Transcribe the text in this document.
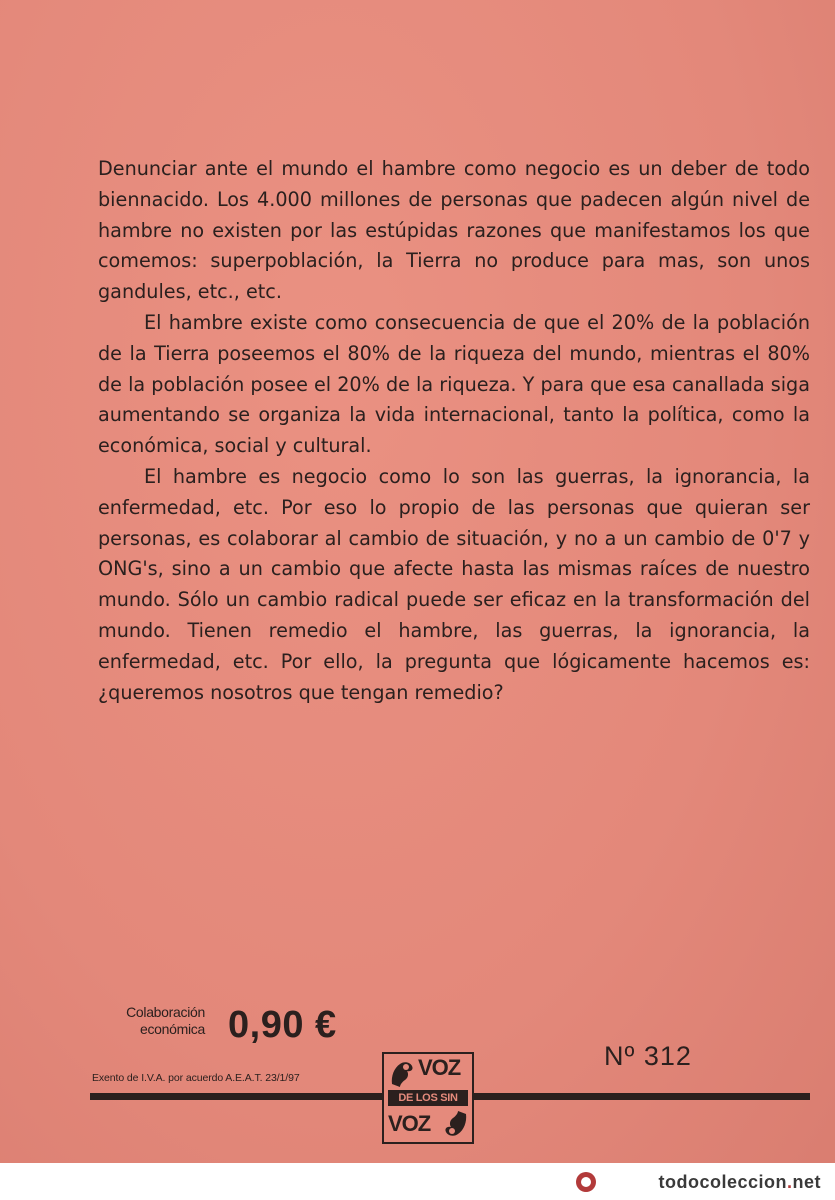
Denunciar ante el mundo el hambre como negocio es un deber de todo biennacido. Los 4.000 millones de personas que padecen algún nivel de hambre no existen por las estúpidas razones que manifestamos los que comemos: superpoblación, la Tierra no produce para mas, son unos gandules, etc., etc.

El hambre existe como consecuencia de que el 20% de la población de la Tierra poseemos el 80% de la riqueza del mundo, mientras el 80% de la población posee el 20% de la riqueza. Y para que esa canallada siga aumentando se organiza la vida internacional, tanto la política, como la económica, social y cultural.

El hambre es negocio como lo son las guerras, la ignorancia, la enfermedad, etc. Por eso lo propio de las personas que quieran ser personas, es colaborar al cambio de situación, y no a un cambio de 0'7 y ONG's, sino a un cambio que afecte hasta las mismas raíces de nuestro mundo. Sólo un cambio radical puede ser eficaz en la transformación del mundo. Tienen remedio el hambre, las guerras, la ignorancia, la enfermedad, etc. Por ello, la pregunta que lógicamente hacemos es: ¿queremos nosotros que tengan remedio?

Colaboración
económica 0,90 €
Exento de I.V.A. por acuerdo A.E.A.T. 23/1/97
Nº 312
VOZ
DE LOS SIN
VOZ
todocoleccion.net
